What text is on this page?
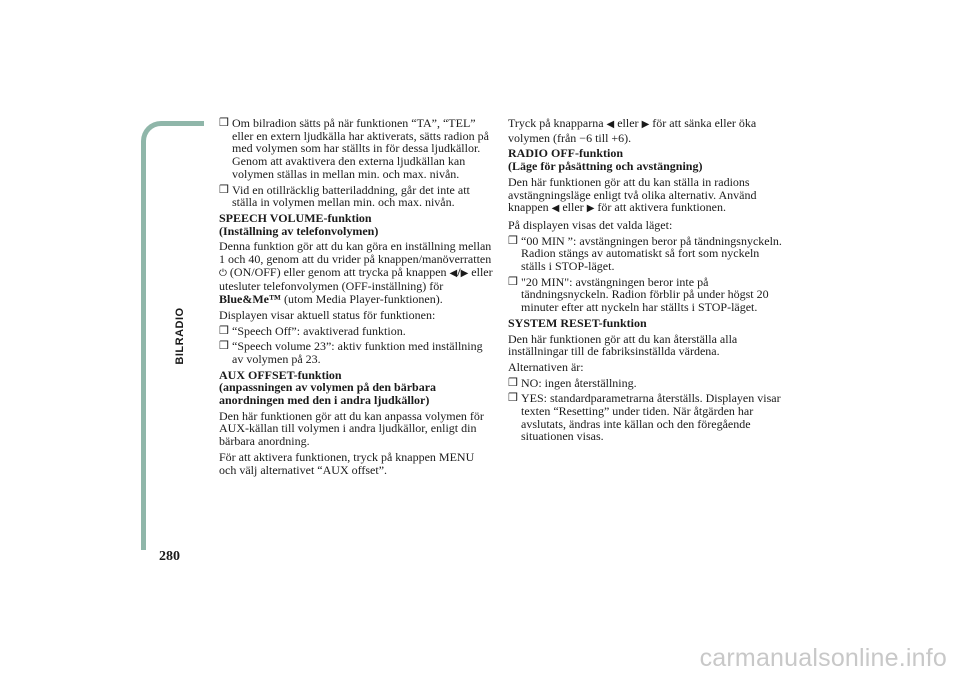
BILRADIO
280
❒ Om bilradion sätts på när funktionen “TA”, “TEL” eller en extern ljudkälla har aktiverats, sätts radion på med volymen som har ställts in för dessa ljudkällor. Genom att avaktivera den externa ljudkällan kan volymen ställas in mellan min. och max. nivån.
❒ Vid en otillräcklig batteriladdning, går det inte att ställa in volymen mellan min. och max. nivån.
SPEECH VOLUME-funktion
(Inställning av telefonvolymen)
Denna funktion gör att du kan göra en inställning mellan 1 och 40, genom att du vrider på knappen/manöverratten ⏻ (ON/OFF) eller genom att trycka på knappen ◀/▶ eller utesluter telefonvolymen (OFF-inställning) för Blue&Me™ (utom Media Player-funktionen).
Displayen visar aktuell status för funktionen:
❒ “Speech Off”: avaktiverad funktion.
❒ “Speech volume 23”: aktiv funktion med inställning av volymen på 23.
AUX OFFSET-funktion
(anpassningen av volymen på den bärbara anordningen med den i andra ljudkällor)
Den här funktionen gör att du kan anpassa volymen för AUX-källan till volymen i andra ljudkällor, enligt din bärbara anordning.
För att aktivera funktionen, tryck på knappen MENU och välj alternativet “AUX offset”.
Tryck på knapparna ◀ eller ▶ för att sänka eller öka volymen (från −6 till +6).
RADIO OFF-funktion
(Läge för påsättning och avstängning)
Den här funktionen gör att du kan ställa in radions avstängningsläge enligt två olika alternativ. Använd knappen ◀ eller ▶ för att aktivera funktionen.
På displayen visas det valda läget:
❒ “00 MIN ”: avstängningen beror på tändningsnyckeln. Radion stängs av automatiskt så fort som nyckeln ställs i STOP-läget.
❒ "20 MIN": avstängningen beror inte på tändningsnyckeln. Radion förblir på under högst 20 minuter efter att nyckeln har ställts i STOP-läget.
SYSTEM RESET-funktion
Den här funktionen gör att du kan återställa alla inställningar till de fabriksinställda värdena.
Alternativen är:
❒ NO: ingen återställning.
❒ YES: standardparametrarna återställs. Displayen visar texten “Resetting” under tiden. När åtgärden har avslutats, ändras inte källan och den föregående situationen visas.
carmanualsonline.info
